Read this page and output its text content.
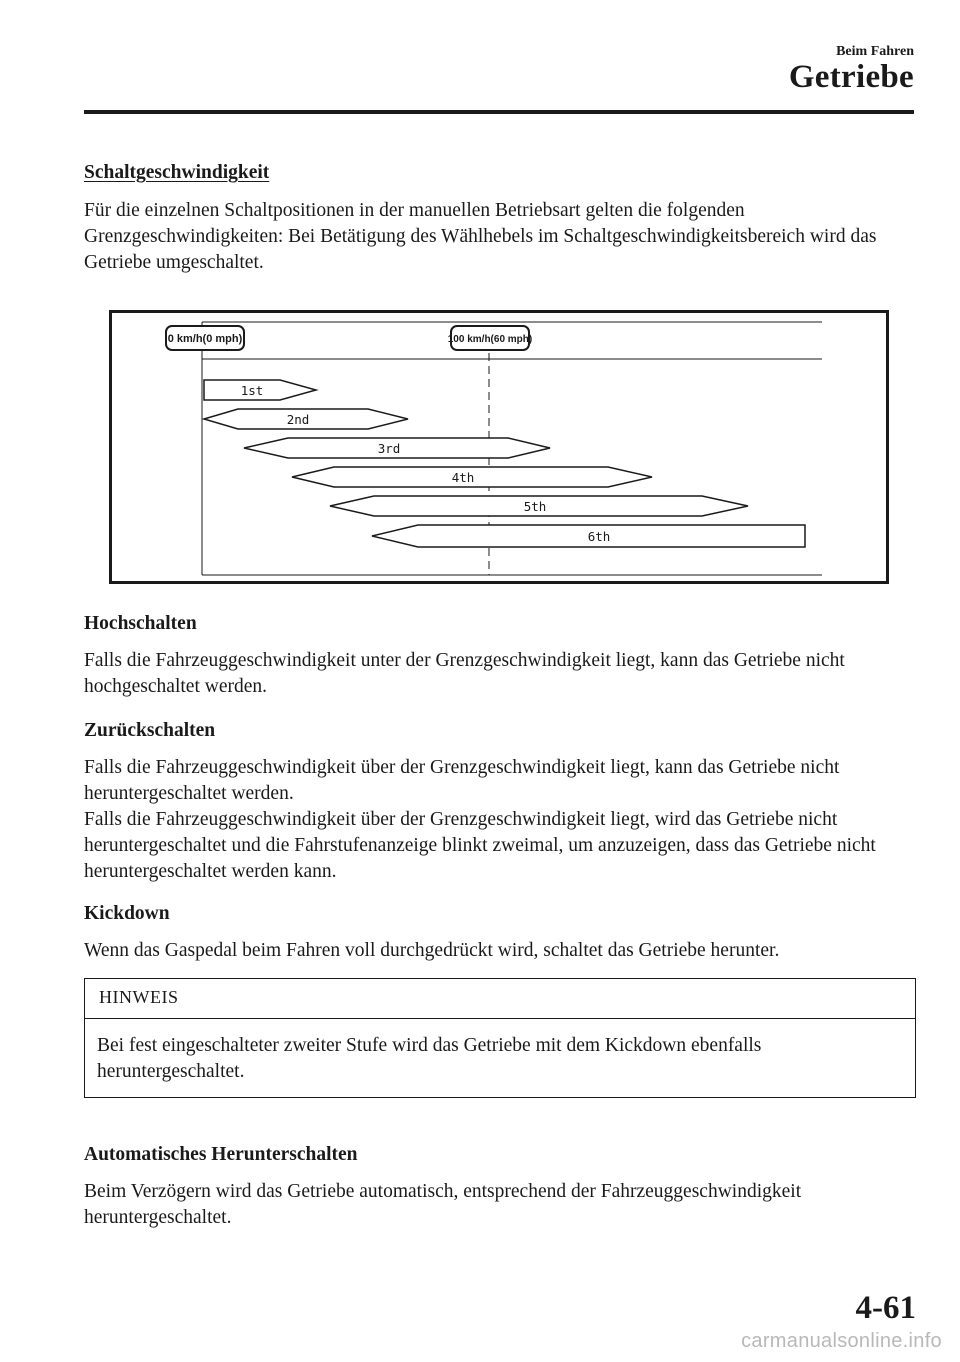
Beim Fahren
Getriebe
Schaltgeschwindigkeit

Für die einzelnen Schaltpositionen in der manuellen Betriebsart gelten die folgenden Grenzgeschwindigkeiten: Bei Betätigung des Wählhebels im Schaltgeschwindigkeitsbereich wird das Getriebe umgeschaltet.

0 km/h(0 mph)	100 km/h(60 mph)
1st
2nd
3rd
4th
5th
6th
Hochschalten

Falls die Fahrzeuggeschwindigkeit unter der Grenzgeschwindigkeit liegt, kann das Getriebe nicht hochgeschaltet werden.

Zurückschalten

Falls die Fahrzeuggeschwindigkeit über der Grenzgeschwindigkeit liegt, kann das Getriebe nicht heruntergeschaltet werden.

Falls die Fahrzeuggeschwindigkeit über der Grenzgeschwindigkeit liegt, wird das Getriebe nicht heruntergeschaltet und die Fahrstufenanzeige blinkt zweimal, um anzuzeigen, dass das Getriebe nicht heruntergeschaltet werden kann.

Kickdown

Wenn das Gaspedal beim Fahren voll durchgedrückt wird, schaltet das Getriebe herunter.

HINWEIS
Bei fest eingeschalteter zweiter Stufe wird das Getriebe mit dem Kickdown ebenfalls heruntergeschaltet.
Automatisches Herunterschalten

Beim Verzögern wird das Getriebe automatisch, entsprechend der Fahrzeuggeschwindigkeit heruntergeschaltet.

4-61
carmanualsonline.info
